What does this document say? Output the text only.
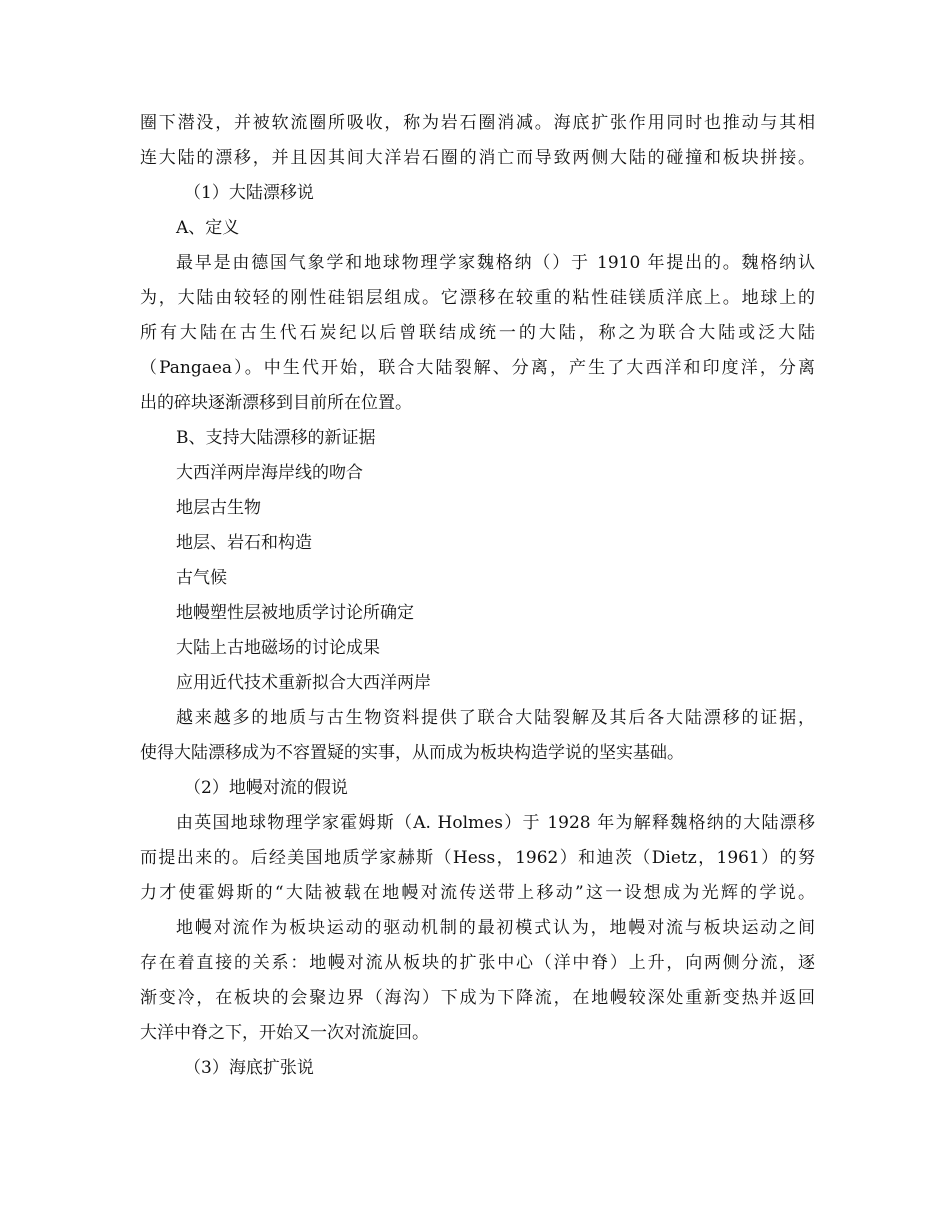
圈下潜没，并被软流圈所吸收，称为岩石圈消减。海底扩张作用同时也推动与其相
连大陆的漂移，并且因其间大洋岩石圈的消亡而导致两侧大陆的碰撞和板块拼接。
（1）大陆漂移说
A、定义
最早是由德国气象学和地球物理学家魏格纳（）于 1910 年提出的。魏格纳认
为，大陆由较轻的刚性硅铝层组成。它漂移在较重的粘性硅镁质洋底上。地球上的
所有大陆在古生代石炭纪以后曾联结成统一的大陆，称之为联合大陆或泛大陆
（Pangaea）。中生代开始，联合大陆裂解、分离，产生了大西洋和印度洋，分离
出的碎块逐渐漂移到目前所在位置。
B、支持大陆漂移的新证据
大西洋两岸海岸线的吻合
地层古生物
地层、岩石和构造
古气候
地幔塑性层被地质学讨论所确定
大陆上古地磁场的讨论成果
应用近代技术重新拟合大西洋两岸
越来越多的地质与古生物资料提供了联合大陆裂解及其后各大陆漂移的证据，
使得大陆漂移成为不容置疑的实事，从而成为板块构造学说的坚实基础。
（2）地幔对流的假说
由英国地球物理学家霍姆斯（A. Holmes）于 1928 年为解释魏格纳的大陆漂移
而提出来的。后经美国地质学家赫斯（Hess，1962）和迪茨（Dietz，1961）的努
力才使霍姆斯的“大陆被载在地幔对流传送带上移动”这一设想成为光辉的学说。
地幔对流作为板块运动的驱动机制的最初模式认为，地幔对流与板块运动之间
存在着直接的关系：地幔对流从板块的扩张中心（洋中脊）上升，向两侧分流，逐
渐变冷，在板块的会聚边界（海沟）下成为下降流，在地幔较深处重新变热并返回
大洋中脊之下，开始又一次对流旋回。
（3）海底扩张说
